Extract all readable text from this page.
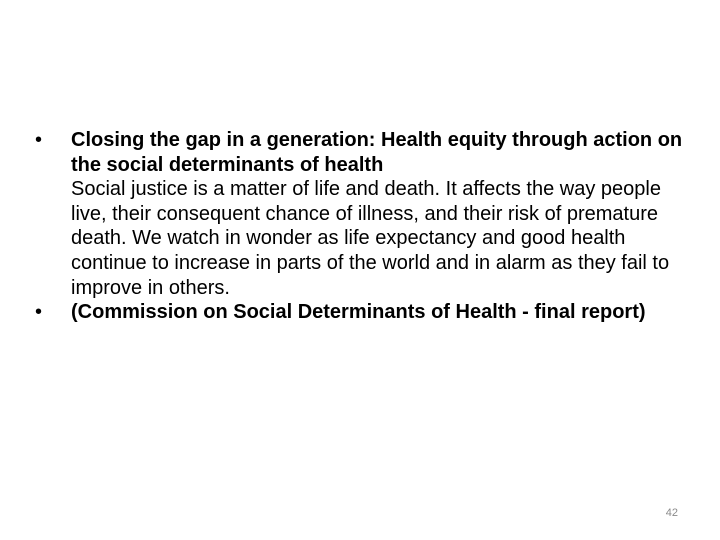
•	Closing the gap in a generation: Health equity through action on the social determinants of health
Social justice is a matter of life and death. It affects the way people live, their consequent chance of illness, and their risk of premature death. We watch in wonder as life expectancy and good health continue to increase in parts of the world and in alarm as they fail to improve in others.
•	(Commission on Social Determinants of Health - final report)
42
